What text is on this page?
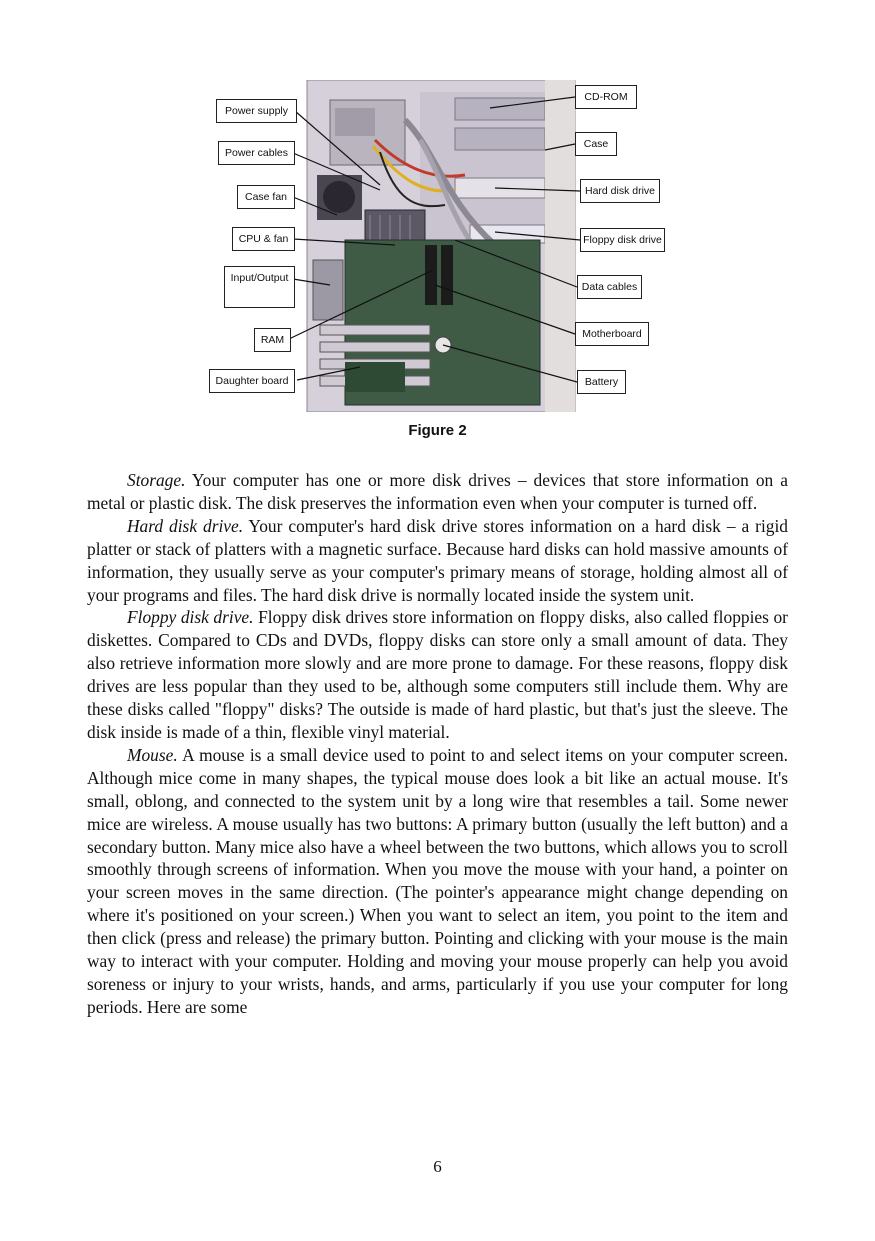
Power supply
Power cables
Case fan
CPU & fan
Input/Output
RAM
Daughter board
CD-ROM
Case
Hard disk drive
Floppy disk drive
Data cables
Motherboard
Battery
Figure 2

Storage. Your computer has one or more disk drives – devices that store information on a metal or plastic disk. The disk preserves the information even when your computer is turned off.

Hard disk drive. Your computer's hard disk drive stores information on a hard disk – a rigid platter or stack of platters with a magnetic surface. Because hard disks can hold massive amounts of information, they usually serve as your computer's primary means of storage, holding almost all of your programs and files. The hard disk drive is normally located inside the system unit.

Floppy disk drive. Floppy disk drives store information on floppy disks, also called floppies or diskettes. Compared to CDs and DVDs, floppy disks can store only a small amount of data. They also retrieve information more slowly and are more prone to damage. For these reasons, floppy disk drives are less popular than they used to be, although some computers still include them. Why are these disks called "floppy" disks? The outside is made of hard plastic, but that's just the sleeve. The disk inside is made of a thin, flexible vinyl material.

Mouse. A mouse is a small device used to point to and select items on your computer screen. Although mice come in many shapes, the typical mouse does look a bit like an actual mouse. It's small, oblong, and connected to the system unit by a long wire that resembles a tail. Some newer mice are wireless. A mouse usually has two buttons: A primary button (usually the left button) and a secondary button. Many mice also have a wheel between the two buttons, which allows you to scroll smoothly through screens of information. When you move the mouse with your hand, a pointer on your screen moves in the same direction. (The pointer's appearance might change depending on where it's positioned on your screen.) When you want to select an item, you point to the item and then click (press and release) the primary button. Pointing and clicking with your mouse is the main way to interact with your computer. Holding and moving your mouse properly can help you avoid soreness or injury to your wrists, hands, and arms, particularly if you use your computer for long periods. Here are some

6
